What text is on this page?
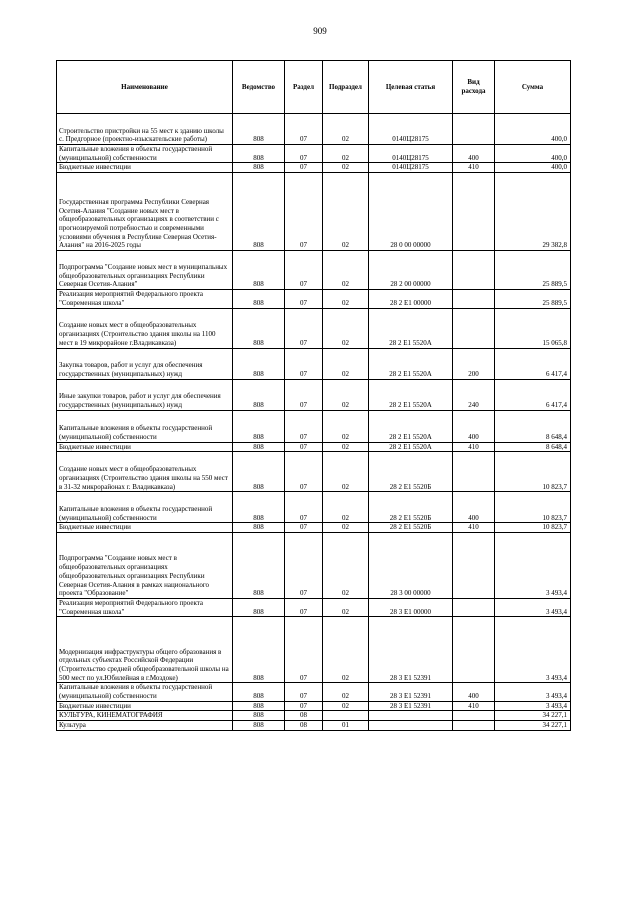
909
Наименование	Ведомство	Раздел	Подраздел	Целевая статья	Вид расхода	Сумма
Строительство пристройки на 55 мест к зданию школы с. Предгорное (проектно-изыскательские работы)	808	07	02	0140Ц28175		400,0
Капитальные вложения в объекты государственной (муниципальной) собственности	808	07	02	0140Ц28175	400	400,0
Бюджетные инвестиции	808	07	02	0140Ц28175	410	400,0
Государственная программа Республики Северная Осетия-Алания "Создание новых мест в общеобразовательных организациях в соответствии с прогнозируемой потребностью и современными условиями обучения в Республике Северная Осетия-Алания" на 2016-2025 годы	808	07	02	28 0 00 00000		29 382,8
Подпрограмма "Создание новых мест в муниципальных общеобразовательных организациях Республики Северная Осетия-Алания"	808	07	02	28 2 00 00000		25 889,5
Реализация мероприятий Федерального проекта "Современная школа"	808	07	02	28 2 E1 00000		25 889,5
Создание новых мест в общеобразовательных организациях (Строительство здания школы на 1100 мест в 19 микрорайоне г.Владикавказа)	808	07	02	28 2 E1 5520А		15 065,8
Закупка товаров, работ и услуг для обеспечения государственных (муниципальных) нужд	808	07	02	28 2 E1 5520А	200	6 417,4
Иные закупки товаров, работ и услуг для обеспечения государственных (муниципальных) нужд	808	07	02	28 2 E1 5520А	240	6 417,4
Капитальные вложения в объекты государственной (муниципальной) собственности	808	07	02	28 2 E1 5520А	400	8 648,4
Бюджетные инвестиции	808	07	02	28 2 E1 5520А	410	8 648,4
Создание новых мест в общеобразовательных организациях (Строительство здания школы на 550 мест в 31-32 микрорайонах г. Владикавказа)	808	07	02	28 2 E1 5520Б		10 823,7
Капитальные вложения в объекты государственной (муниципальной) собственности	808	07	02	28 2 E1 5520Б	400	10 823,7
Бюджетные инвестиции	808	07	02	28 2 E1 5520Б	410	10 823,7
Подпрограмма "Создание новых мест в общеобразовательных организациях общеобразовательных организациях Республики Северная Осетия-Алания в рамках национального проекта "Образование"	808	07	02	28 3 00 00000		3 493,4
Реализация мероприятий Федерального проекта "Современная школа"	808	07	02	28 3 E1 00000		3 493,4
Модернизация инфраструктуры общего образования в отдельных субъектах Российской Федерации (Строительство средней общеобразовательной школы на 500 мест по ул.Юбилейная в г.Моздоке)	808	07	02	28 3 E1 52391		3 493,4
Капитальные вложения в объекты государственной (муниципальной) собственности	808	07	02	28 3 E1 52391	400	3 493,4
Бюджетные инвестиции	808	07	02	28 3 E1 52391	410	3 493,4
КУЛЬТУРА, КИНЕМАТОГРАФИЯ	808	08				34 227,1
Культура	808	08	01			34 227,1
